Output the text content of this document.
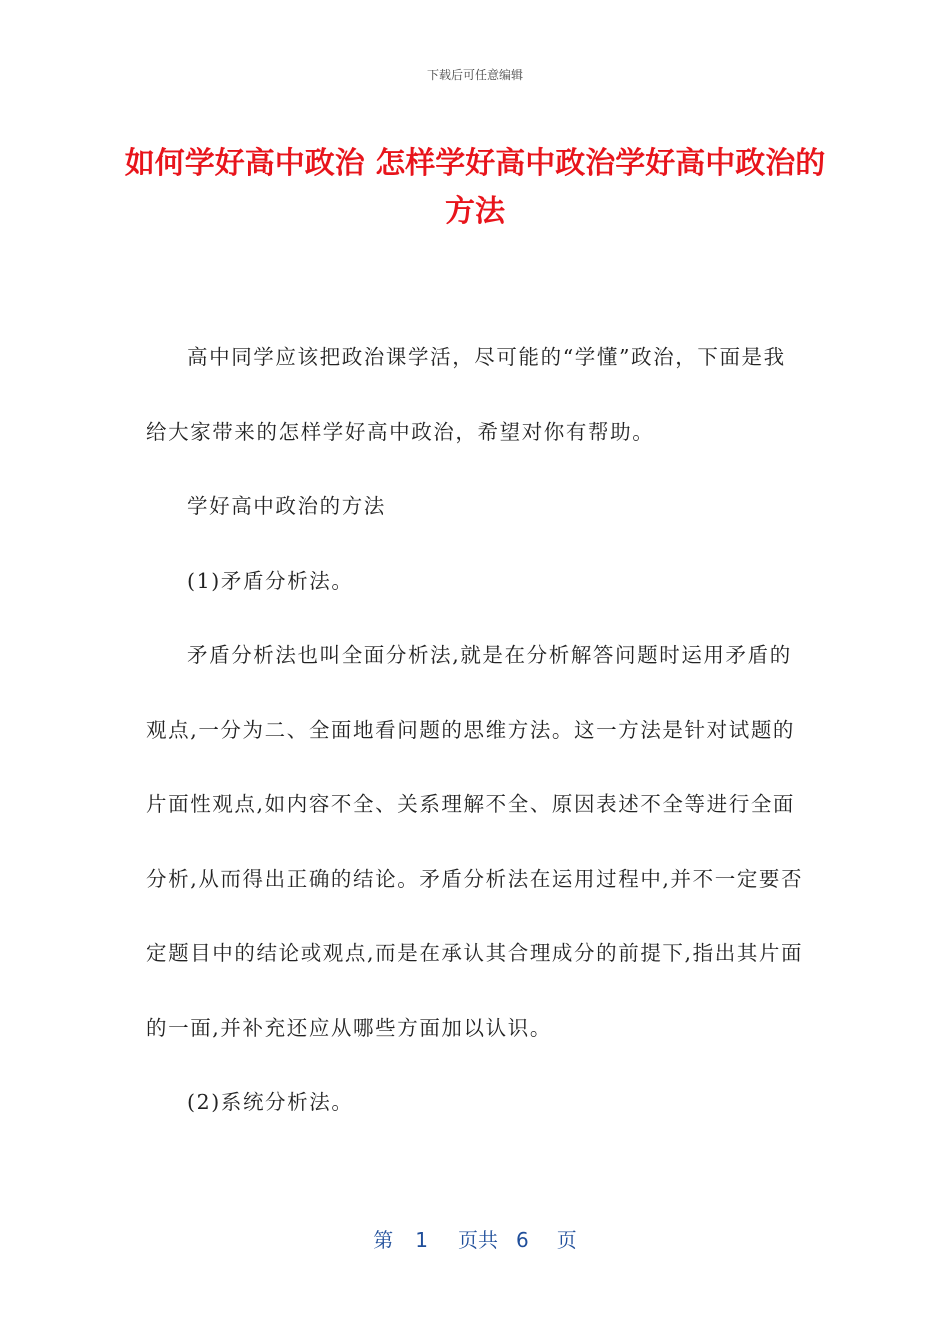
下载后可任意编辑
如何学好高中政治 怎样学好高中政治学好高中政治的方法

高中同学应该把政治课学活，尽可能的“学懂”政治，下面是我给大家带来的怎样学好高中政治，希望对你有帮助。

学好高中政治的方法

(1)矛盾分析法。

矛盾分析法也叫全面分析法,就是在分析解答问题时运用矛盾的观点,一分为二、全面地看问题的思维方法。这一方法是针对试题的片面性观点,如内容不全、关系理解不全、原因表述不全等进行全面分析,从而得出正确的结论。矛盾分析法在运用过程中,并不一定要否定题目中的结论或观点,而是在承认其合理成分的前提下,指出其片面的一面,并补充还应从哪些方面加以认识。

(2)系统分析法。

第 1 页共 6 页
